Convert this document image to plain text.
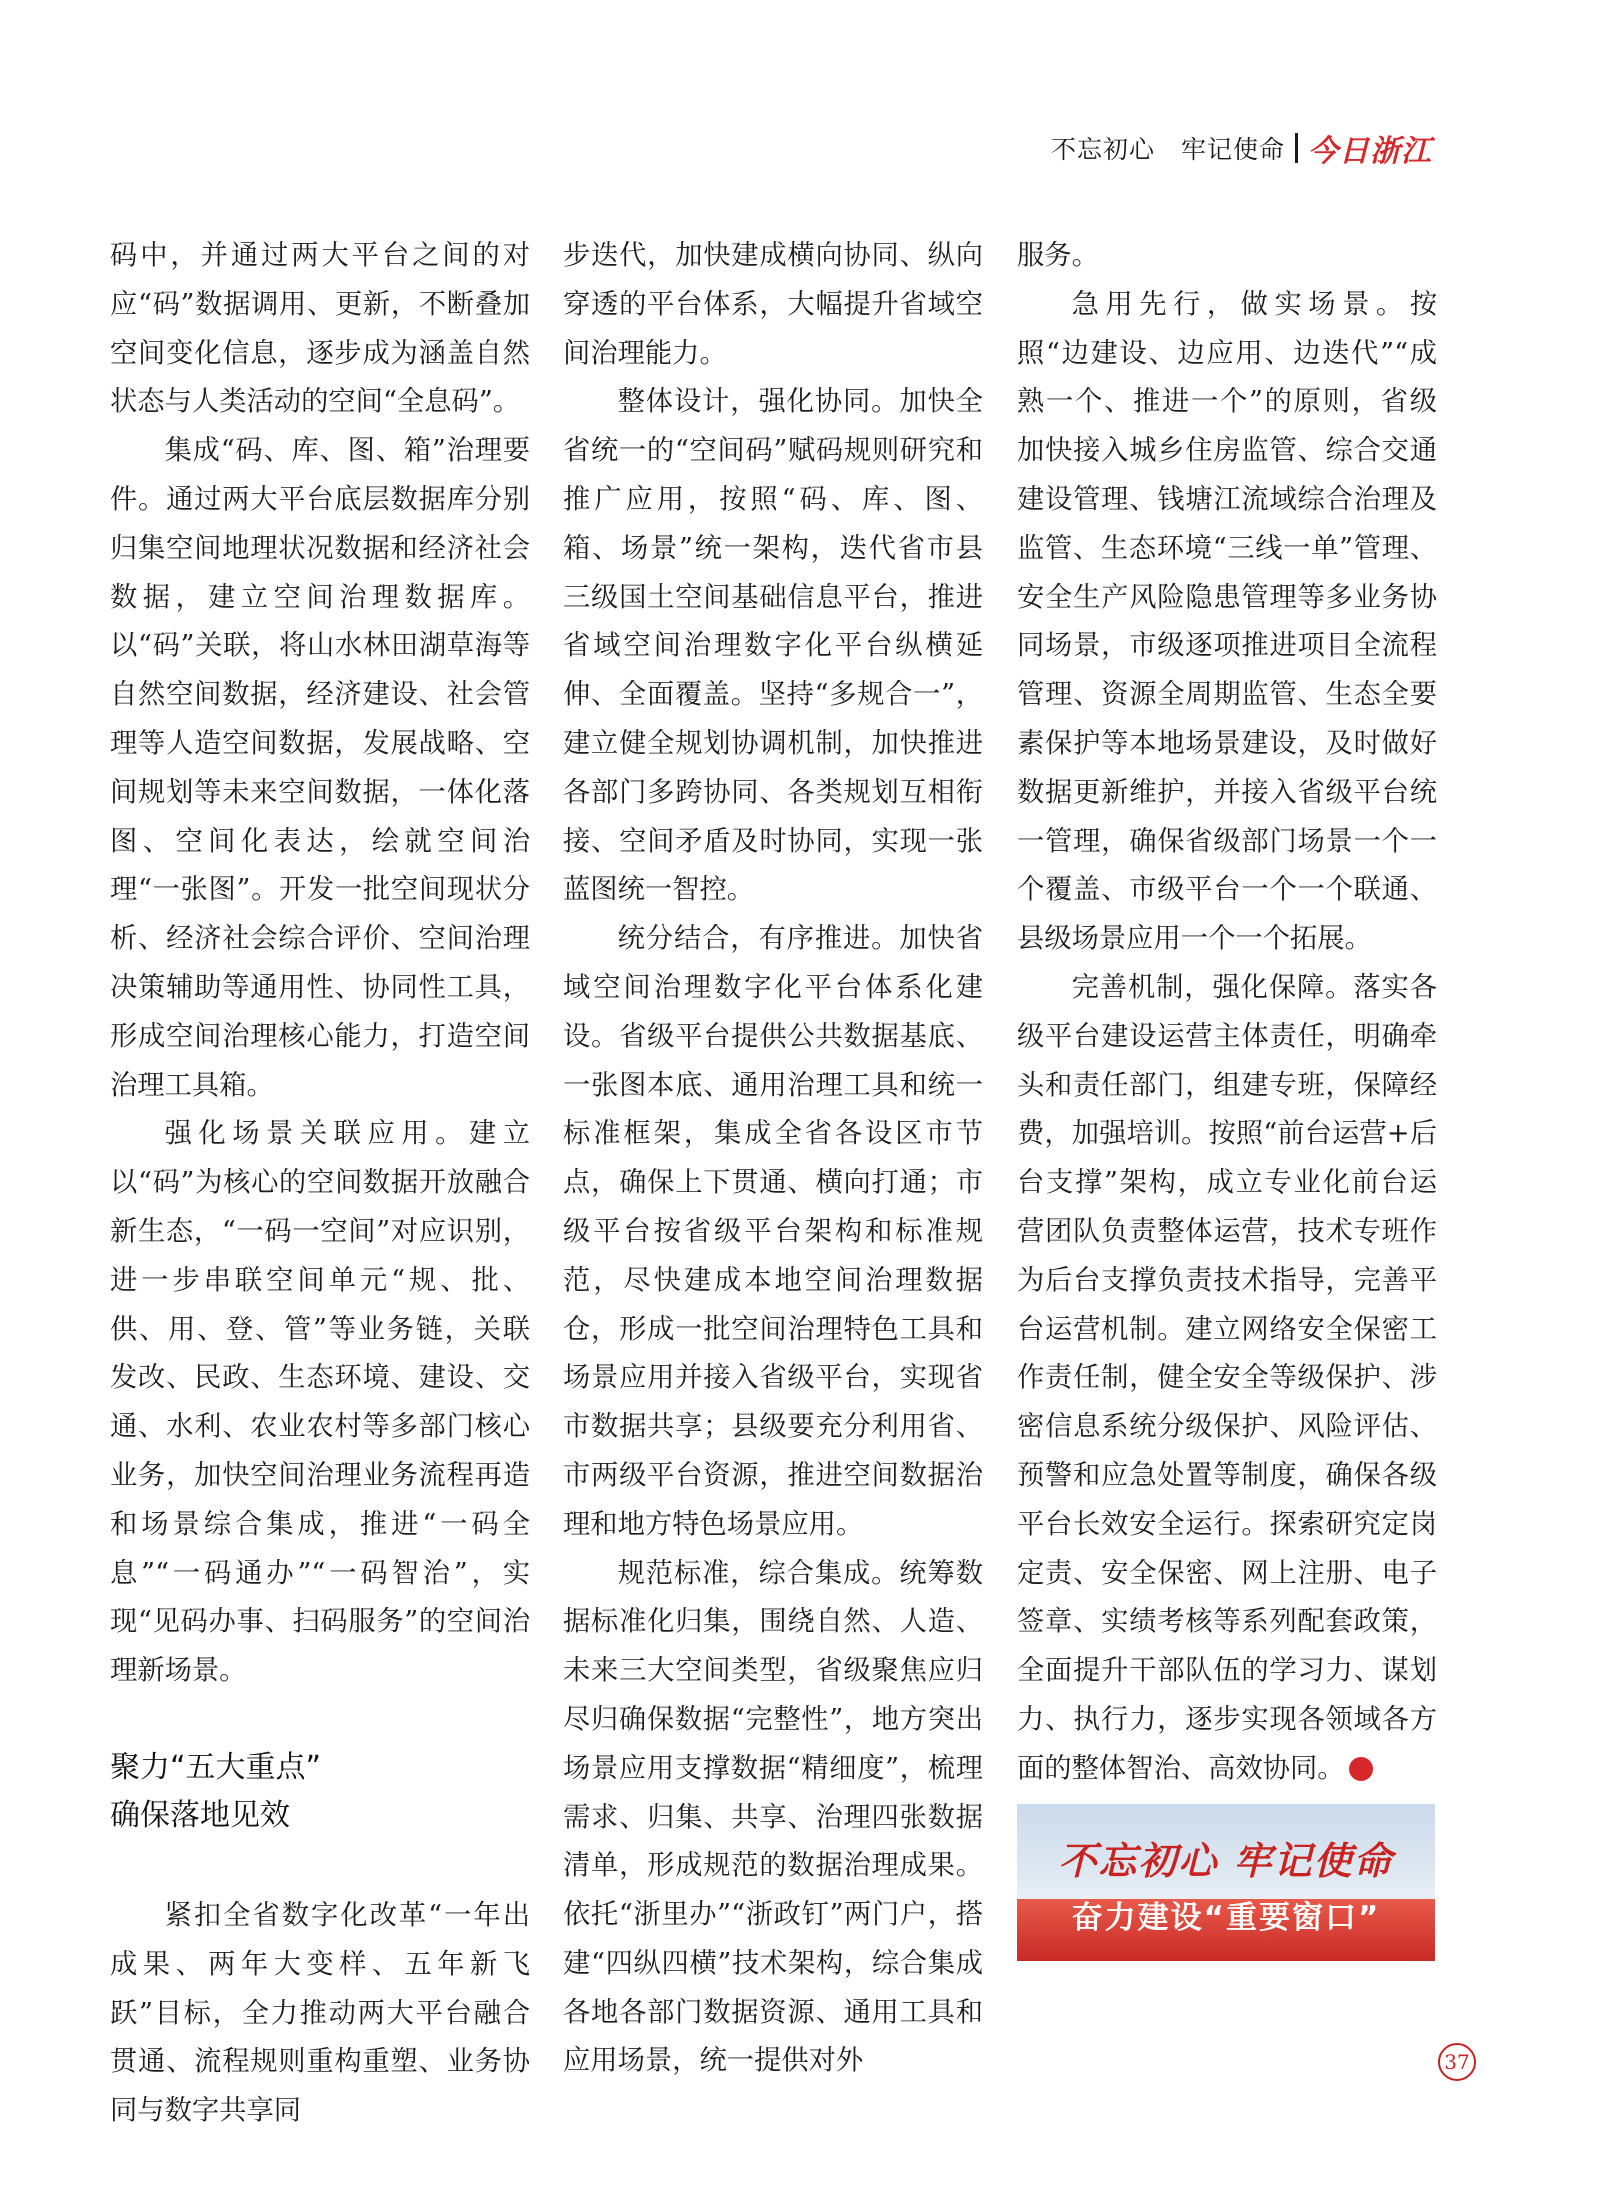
不忘初心　牢记使命 今日浙江

码中，并通过两大平台之间的对应“码”数据调用、更新，不断叠加空间变化信息，逐步成为涵盖自然状态与人类活动的空间“全息码”。

集成“码、库、图、箱”治理要件。通过两大平台底层数据库分别归集空间地理状况数据和经济社会数据，建立空间治理数据库。以“码”关联，将山水林田湖草海等自然空间数据，经济建设、社会管理等人造空间数据，发展战略、空间规划等未来空间数据，一体化落图、空间化表达，绘就空间治理“一张图”。开发一批空间现状分析、经济社会综合评价、空间治理决策辅助等通用性、协同性工具，形成空间治理核心能力，打造空间治理工具箱。

强化场景关联应用。建立以“码”为核心的空间数据开放融合新生态，“一码一空间”对应识别，进一步串联空间单元“规、批、供、用、登、管”等业务链，关联发改、民政、生态环境、建设、交通、水利、农业农村等多部门核心业务，加快空间治理业务流程再造和场景综合集成，推进“一码全息”“一码通办”“一码智治”，实现“见码办事、扫码服务”的空间治理新场景。

聚力“五大重点”
确保落地见效

紧扣全省数字化改革“一年出成果、两年大变样、五年新飞跃”目标，全力推动两大平台融合贯通、流程规则重构重塑、业务协同与数字共享同

步迭代，加快建成横向协同、纵向穿透的平台体系，大幅提升省域空间治理能力。

整体设计，强化协同。加快全省统一的“空间码”赋码规则研究和推广应用，按照“码、库、图、箱、场景”统一架构，迭代省市县三级国土空间基础信息平台，推进省域空间治理数字化平台纵横延伸、全面覆盖。坚持“多规合一”，建立健全规划协调机制，加快推进各部门多跨协同、各类规划互相衔接、空间矛盾及时协同，实现一张蓝图统一智控。

统分结合，有序推进。加快省域空间治理数字化平台体系化建设。省级平台提供公共数据基底、一张图本底、通用治理工具和统一标准框架，集成全省各设区市节点，确保上下贯通、横向打通；市级平台按省级平台架构和标准规范，尽快建成本地空间治理数据仓，形成一批空间治理特色工具和场景应用并接入省级平台，实现省市数据共享；县级要充分利用省、市两级平台资源，推进空间数据治理和地方特色场景应用。

规范标准，综合集成。统筹数据标准化归集，围绕自然、人造、未来三大空间类型，省级聚焦应归尽归确保数据“完整性”，地方突出场景应用支撑数据“精细度”，梳理需求、归集、共享、治理四张数据清单，形成规范的数据治理成果。依托“浙里办”“浙政钉”两门户，搭建“四纵四横”技术架构，综合集成各地各部门数据资源、通用工具和应用场景，统一提供对外

服务。

急用先行，做实场景。按照“边建设、边应用、边迭代”“成熟一个、推进一个”的原则，省级加快接入城乡住房监管、综合交通建设管理、钱塘江流域综合治理及监管、生态环境“三线一单”管理、安全生产风险隐患管理等多业务协同场景，市级逐项推进项目全流程管理、资源全周期监管、生态全要素保护等本地场景建设，及时做好数据更新维护，并接入省级平台统一管理，确保省级部门场景一个一个覆盖、市级平台一个一个联通、县级场景应用一个一个拓展。

完善机制，强化保障。落实各级平台建设运营主体责任，明确牵头和责任部门，组建专班，保障经费，加强培训。按照“前台运营+后台支撑”架构，成立专业化前台运营团队负责整体运营，技术专班作为后台支撑负责技术指导，完善平台运营机制。建立网络安全保密工作责任制，健全安全等级保护、涉密信息系统分级保护、风险评估、预警和应急处置等制度，确保各级平台长效安全运行。探索研究定岗定责、安全保密、网上注册、电子签章、实绩考核等系列配套政策，全面提升干部队伍的学习力、谋划力、执行力，逐步实现各领域各方面的整体智治、高效协同。	今

不忘初心 牢记使命
奋力建设“重要窗口”
37
